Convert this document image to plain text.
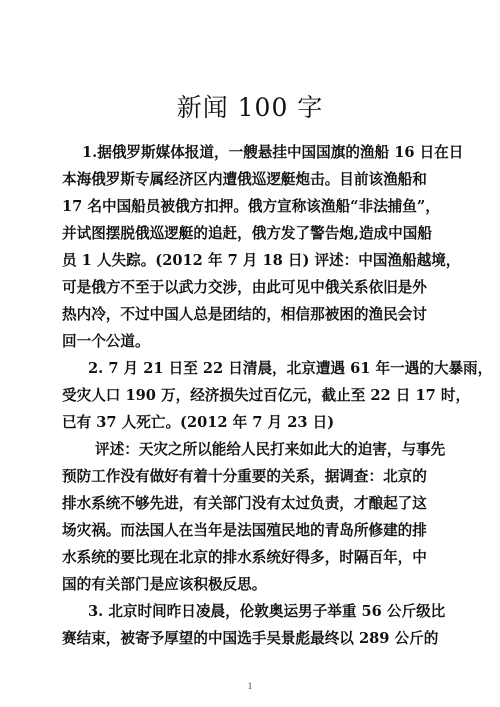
新闻 100 字
1.据俄罗斯媒体报道，一艘悬挂中国国旗的渔船 16 日在日
本海俄罗斯专属经济区内遭俄巡逻艇炮击。目前该渔船和
17 名中国船员被俄方扣押。俄方宣称该渔船“非法捕鱼”，
并试图摆脱俄巡逻艇的追赶，俄方发了警告炮,造成中国船
员 1 人失踪。(2012 年 7 月 18 日) 评述：中国渔船越境，
可是俄方不至于以武力交涉，由此可见中俄关系依旧是外
热内冷，不过中国人总是团结的，相信那被困的渔民会讨
回一个公道。
2. 7 月 21 日至 22 日清晨，北京遭遇 61 年一遇的大暴雨，
受灾人口 190 万，经济损失过百亿元，截止至 22 日 17 时，
已有 37 人死亡。(2012 年 7 月 23 日)
评述：天灾之所以能给人民打来如此大的迫害，与事先
预防工作没有做好有着十分重要的关系，据调查：北京的
排水系统不够先进，有关部门没有太过负责，才酿起了这
场灾祸。而法国人在当年是法国殖民地的青岛所修建的排
水系统的要比现在北京的排水系统好得多，时隔百年，中
国的有关部门是应该积极反思。
3. 北京时间昨日凌晨，伦敦奥运男子举重 56 公斤级比
赛结束，被寄予厚望的中国选手吴景彪最终以 289 公斤的
1
